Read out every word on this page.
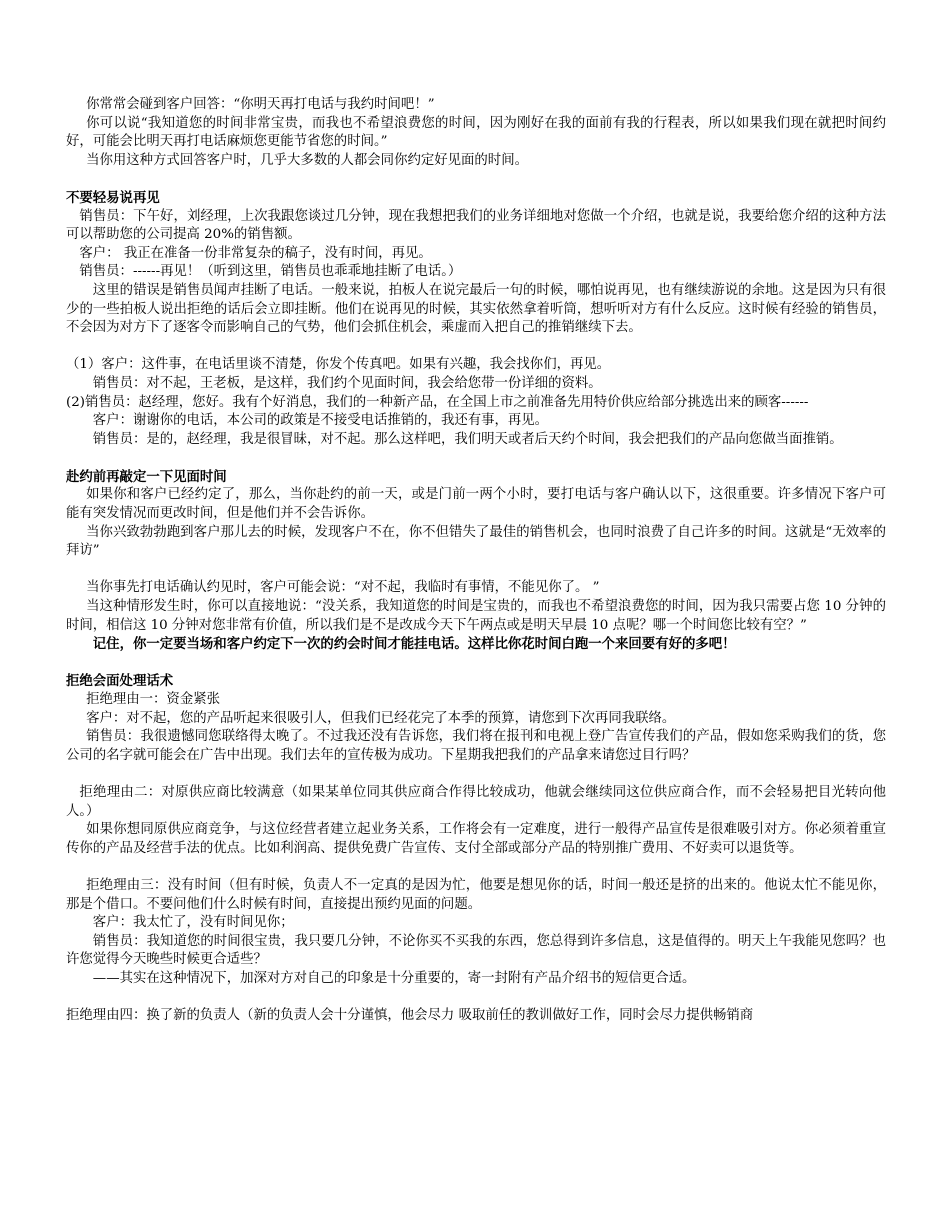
你常常会碰到客户回答：“你明天再打电话与我约时间吧！”

你可以说“我知道您的时间非常宝贵，而我也不希望浪费您的时间，因为刚好在我的面前有我的行程表，所以如果我们现在就把时间约好，可能会比明天再打电话麻烦您更能节省您的时间。”

当你用这种方式回答客户时，几乎大多数的人都会同你约定好见面的时间。

不要轻易说再见

销售员：下午好，刘经理，上次我跟您谈过几分钟，现在我想把我们的业务详细地对您做一个介绍，也就是说，我要给您介绍的这种方法可以帮助您的公司提高 20%的销售额。

客户： 我正在准备一份非常复杂的稿子，没有时间，再见。

销售员：------再见！（听到这里，销售员也乖乖地挂断了电话。）

这里的错误是销售员闻声挂断了电话。一般来说，拍板人在说完最后一句的时候，哪怕说再见，也有继续游说的余地。这是因为只有很少的一些拍板人说出拒绝的话后会立即挂断。他们在说再见的时候，其实依然拿着听筒，想听听对方有什么反应。这时候有经验的销售员，不会因为对方下了逐客令而影响自己的气势，他们会抓住机会，乘虚而入把自己的推销继续下去。

（1）客户：这件事，在电话里谈不清楚，你发个传真吧。如果有兴趣，我会找你们，再见。

销售员：对不起，王老板，是这样，我们约个见面时间，我会给您带一份详细的资料。

(2)销售员：赵经理，您好。我有个好消息，我们的一种新产品，在全国上市之前准备先用特价供应给部分挑选出来的顾客------

客户：谢谢你的电话，本公司的政策是不接受电话推销的，我还有事，再见。

销售员：是的，赵经理，我是很冒昧，对不起。那么这样吧，我们明天或者后天约个时间，我会把我们的产品向您做当面推销。

赴约前再敲定一下见面时间

如果你和客户已经约定了，那么，当你赴约的前一天，或是门前一两个小时，要打电话与客户确认以下，这很重要。许多情况下客户可能有突发情况而更改时间，但是他们并不会告诉你。

当你兴致勃勃跑到客户那儿去的时候，发现客户不在，你不但错失了最佳的销售机会，也同时浪费了自己许多的时间。这就是“无效率的拜访”

当你事先打电话确认约见时，客户可能会说：“对不起，我临时有事情，不能见你了。 ”

当这种情形发生时，你可以直接地说：“没关系，我知道您的时间是宝贵的，而我也不希望浪费您的时间，因为我只需要占您 10 分钟的时间，相信这 10 分钟对您非常有价值，所以我们是不是改成今天下午两点或是明天早晨 10 点呢？哪一个时间您比较有空？”

记住，你一定要当场和客户约定下一次的约会时间才能挂电话。这样比你花时间白跑一个来回要有好的多吧！

拒绝会面处理话术

拒绝理由一：资金紧张

客户：对不起，您的产品听起来很吸引人，但我们已经花完了本季的预算，请您到下次再同我联络。

销售员：我很遗憾同您联络得太晚了。不过我还没有告诉您，我们将在报刊和电视上登广告宣传我们的产品，假如您采购我们的货，您公司的名字就可能会在广告中出现。我们去年的宣传极为成功。下星期我把我们的产品拿来请您过目行吗？

拒绝理由二：对原供应商比较满意（如果某单位同其供应商合作得比较成功，他就会继续同这位供应商合作，而不会轻易把目光转向他人。）

如果你想同原供应商竞争，与这位经营者建立起业务关系，工作将会有一定难度，进行一般得产品宣传是很难吸引对方。你必须着重宣传你的产品及经营手法的优点。比如利润高、提供免费广告宣传、支付全部或部分产品的特别推广费用、不好卖可以退货等。

拒绝理由三：没有时间（但有时候，负责人不一定真的是因为忙，他要是想见你的话，时间一般还是挤的出来的。他说太忙不能见你，那是个借口。不要问他们什么时候有时间，直接提出预约见面的问题。

客户：我太忙了，没有时间见你；

销售员：我知道您的时间很宝贵，我只要几分钟，不论你买不买我的东西，您总得到许多信息，这是值得的。明天上午我能见您吗？也许您觉得今天晚些时候更合适些？

——其实在这种情况下，加深对方对自己的印象是十分重要的，寄一封附有产品介绍书的短信更合适。

拒绝理由四：换了新的负责人（新的负责人会十分谨慎，他会尽力 吸取前任的教训做好工作，同时会尽力提供畅销商
